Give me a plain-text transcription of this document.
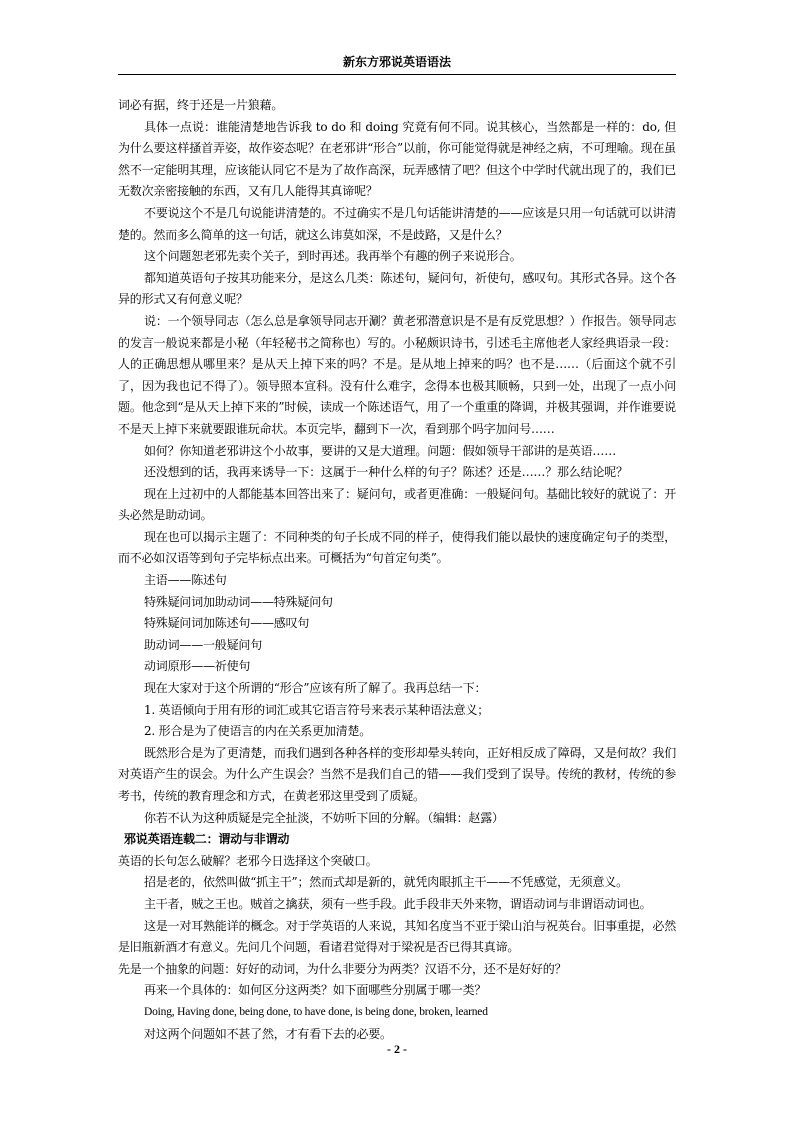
新东方邪说英语语法

词必有据，终于还是一片狼藉。

具体一点说：谁能清楚地告诉我 to do 和 doing 究竟有何不同。说其核心，当然都是一样的：do, 但为什么要这样搔首弄姿，故作姿态呢？在老邪讲“形合”以前，你可能觉得就是神经之病，不可理喻。现在虽然不一定能明其理，应该能认同它不是为了故作高深，玩弄感情了吧？但这个中学时代就出现了的，我们已无数次亲密接触的东西，又有几人能得其真谛呢？

不要说这个不是几句说能讲清楚的。不过确实不是几句话能讲清楚的——应该是只用一句话就可以讲清楚的。然而多么简单的这一句话，就这么讳莫如深，不是歧路，又是什么？

这个问题恕老邪先卖个关子，到时再述。我再举个有趣的例子来说形合。

都知道英语句子按其功能来分，是这么几类：陈述句，疑问句，祈使句，感叹句。其形式各异。这个各异的形式又有何意义呢？

说：一个领导同志（怎么总是拿领导同志开涮？黄老邪潜意识是不是有反党思想？）作报告。领导同志的发言一般说来都是小秘（年轻秘书之简称也）写的。小秘颇识诗书，引述毛主席他老人家经典语录一段：人的正确思想从哪里来？是从天上掉下来的吗？不是。是从地上掉来的吗？也不是……（后面这个就不引了，因为我也记不得了）。领导照本宣科。没有什么难字，念得本也极其顺畅，只到一处，出现了一点小问题。他念到“是从天上掉下来的”时候，读成一个陈述语气，用了一个重重的降调，并极其强调，并作谁要说不是天上掉下来就要跟谁玩命状。本页完毕，翻到下一次，看到那个吗字加问号……

如何？你知道老邪讲这个小故事，要讲的又是大道理。问题：假如领导干部讲的是英语……

还没想到的话，我再来诱导一下：这属于一种什么样的句子？陈述？还是……？那么结论呢？

现在上过初中的人都能基本回答出来了：疑问句，或者更准确：一般疑问句。基础比较好的就说了：开头必然是助动词。

现在也可以揭示主题了：不同种类的句子长成不同的样子，使得我们能以最快的速度确定句子的类型，而不必如汉语等到句子完毕标点出来。可概括为“句首定句类”。

主语——陈述句

特殊疑问词加助动词——特殊疑问句

特殊疑问词加陈述句——感叹句

助动词——一般疑问句

动词原形——祈使句

现在大家对于这个所谓的“形合”应该有所了解了。我再总结一下：

1. 英语倾向于用有形的词汇或其它语言符号来表示某种语法意义；

2. 形合是为了使语言的内在关系更加清楚。

既然形合是为了更清楚，而我们遇到各种各样的变形却晕头转向，正好相反成了障碍，又是何故？我们对英语产生的误会。为什么产生误会？当然不是我们自己的错——我们受到了误导。传统的教材，传统的参考书，传统的教育理念和方式，在黄老邪这里受到了质疑。

你若不认为这种质疑是完全扯淡，不妨听下回的分解。（编辑：赵露）

邪说英语连载二：谓动与非谓动

英语的长句怎么破解？老邪今日选择这个突破口。

招是老的，依然叫做“抓主干”；然而式却是新的，就凭肉眼抓主干——不凭感觉，无须意义。

主干者，贼之王也。贼首之擒获，须有一些手段。此手段非天外来物，谓语动词与非谓语动词也。

这是一对耳熟能详的概念。对于学英语的人来说，其知名度当不亚于梁山泊与祝英台。旧事重提，必然是旧瓶新酒才有意义。先问几个问题，看诸君觉得对于梁祝是否已得其真谛。

先是一个抽象的问题：好好的动词，为什么非要分为两类？汉语不分，还不是好好的？

再来一个具体的：如何区分这两类？如下面哪些分别属于哪一类？

Doing, Having done, being done, to have done, is being done, broken, learned

对这两个问题如不甚了然，才有看下去的必要。

- 2 -
